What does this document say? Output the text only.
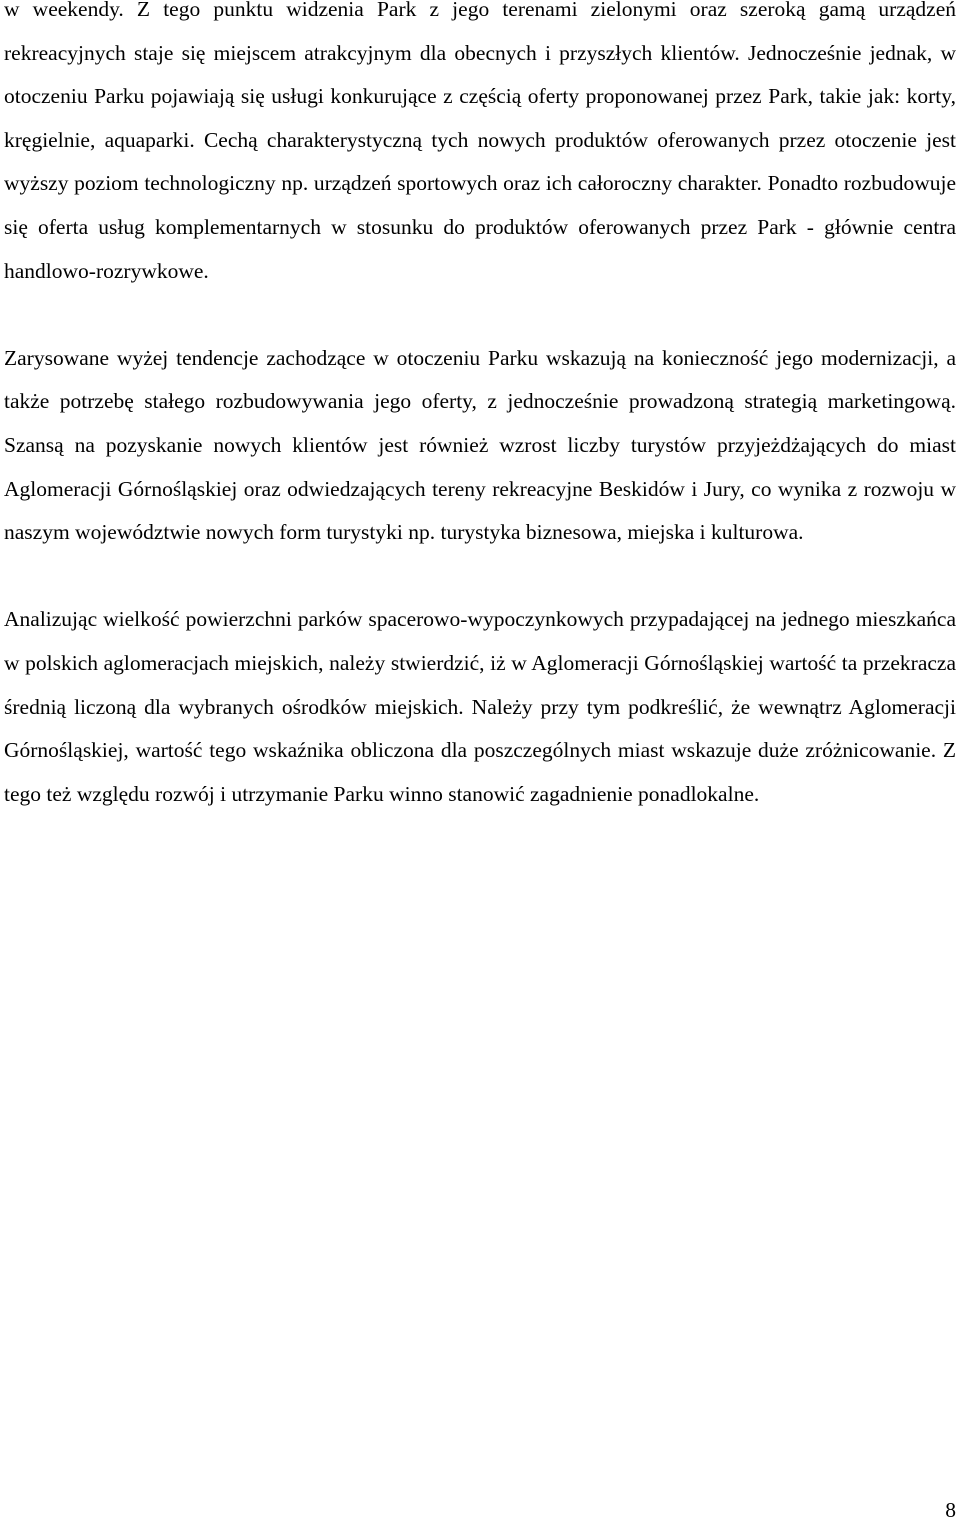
w weekendy. Z tego punktu widzenia Park z jego terenami zielonymi oraz szeroką gamą urządzeń rekreacyjnych staje się miejscem atrakcyjnym dla obecnych i przyszłych klientów. Jednocześnie jednak, w otoczeniu Parku pojawiają się usługi konkurujące z częścią oferty proponowanej przez Park, takie jak: korty, kręgielnie, aquaparki. Cechą charakterystyczną tych nowych produktów oferowanych przez otoczenie jest wyższy poziom technologiczny np. urządzeń sportowych oraz ich całoroczny charakter. Ponadto rozbudowuje się oferta usług komplementarnych w stosunku do produktów oferowanych przez Park - głównie centra handlowo-rozrywkowe.

Zarysowane wyżej tendencje zachodzące w otoczeniu Parku wskazują na konieczność jego modernizacji, a także potrzebę stałego rozbudowywania jego oferty, z jednocześnie prowadzoną strategią marketingową. Szansą na pozyskanie nowych klientów jest również wzrost liczby turystów przyjeżdżających do miast Aglomeracji Górnośląskiej oraz odwiedzających tereny rekreacyjne Beskidów i Jury, co wynika z rozwoju w naszym województwie nowych form turystyki np. turystyka biznesowa, miejska i kulturowa.

Analizując wielkość powierzchni parków spacerowo-wypoczynkowych przypadającej na jednego mieszkańca w polskich aglomeracjach miejskich, należy stwierdzić, iż w Aglomeracji Górnośląskiej wartość ta przekracza średnią liczoną dla wybranych ośrodków miejskich. Należy przy tym podkreślić, że wewnątrz Aglomeracji Górnośląskiej, wartość tego wskaźnika obliczona dla poszczególnych miast wskazuje duże zróżnicowanie. Z tego też względu rozwój i utrzymanie Parku winno stanowić zagadnienie ponadlokalne.

8
